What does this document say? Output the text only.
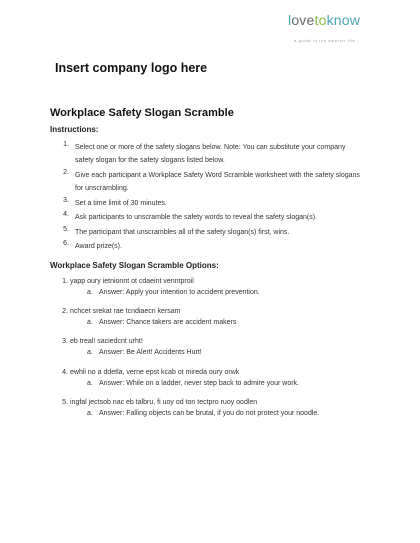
lovetoknow
a guide to the smarter life
Insert company logo here
Workplace Safety Slogan Scramble
Instructions:
1. Select one or more of the safety slogans below. Note: You can substitute your company safety slogan for the safety slogans listed below.
2. Give each participant a Workplace Safety Word Scramble worksheet with the safety slogans for unscrambling.
3. Set a time limit of 30 minutes.
4. Ask participants to unscramble the safety words to reveal the safety slogan(s).
5. The participant that unscrambles all of the safety slogan(s) first, wins.
6. Award prize(s).
Workplace Safety Slogan Scramble Options:
1. yapp oury ietnionnt ot cdaeint venntproil
a. Answer: Apply your intention to accident prevention.
2. nchcet srekat rae tcndiaecn kersam
a. Answer: Chance takers are accident makers
3. eb treal! saciedcnt urht!
a. Answer: Be Alert! Accidents Hurt!
4. ewhli no a ddetla, verne epst kcab ot mireda oury orwk
a. Answer: While on a ladder, never step back to admire your work.
5. ingfal jectsob nac eb talbru, fi uoy od ton tectpro ruoy oodlen
a. Answer: Falling objects can be brutal, if you do not protect your noodle.
